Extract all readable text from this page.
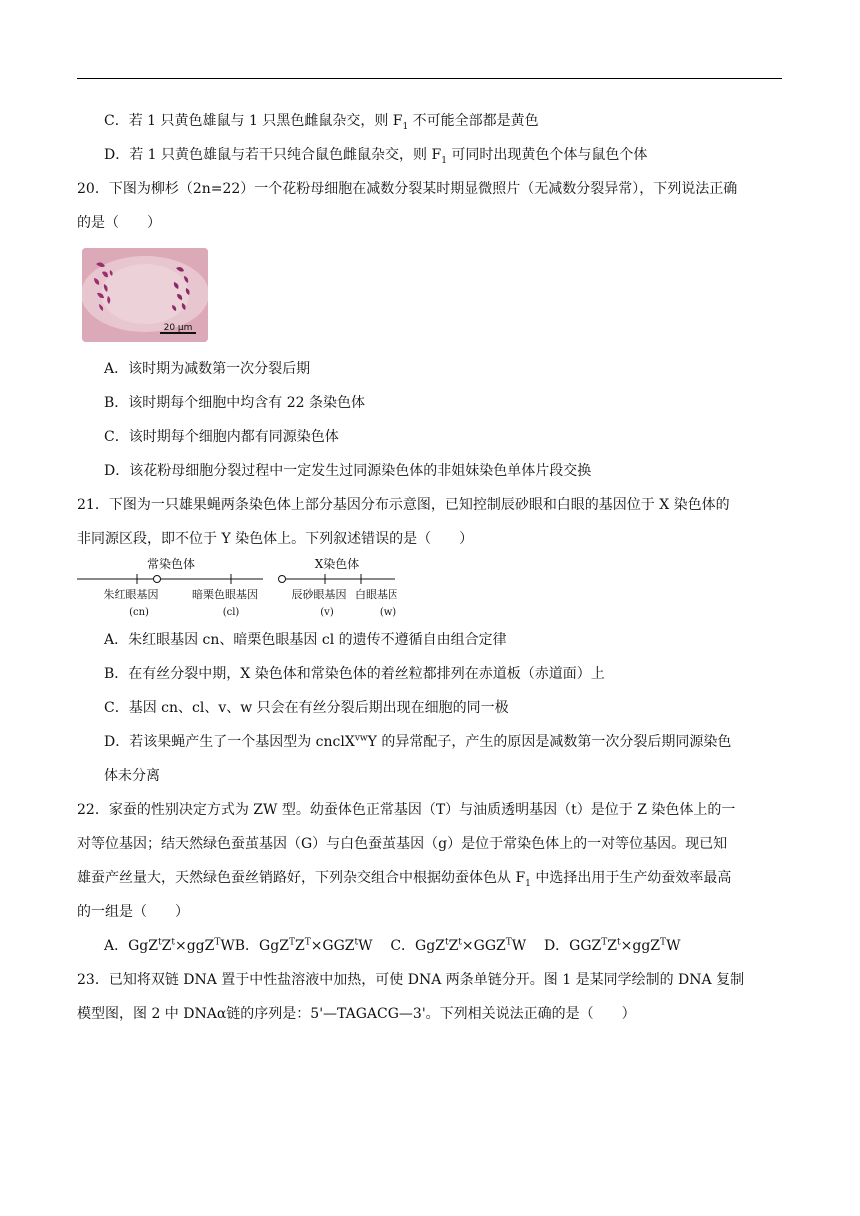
C．若 1 只黄色雄鼠与 1 只黑色雌鼠杂交，则 $F_1$ 不可能全部都是黄色
D．若 1 只黄色雄鼠与若干只纯合鼠色雌鼠杂交，则 $F_1$ 可同时出现黄色个体与鼠色个体
20．下图为柳杉（2n=22）一个花粉母细胞在减数分裂某时期显微照片（无减数分裂异常），下列说法正确
的是（　　）
20 μm
A．该时期为减数第一次分裂后期
B．该时期每个细胞中均含有 22 条染色体
C．该时期每个细胞内都有同源染色体
D．该花粉母细胞分裂过程中一定发生过同源染色体的非姐妹染色单体片段交换
21．下图为一只雄果蝇两条染色体上部分基因分布示意图，已知控制辰砂眼和白眼的基因位于 X 染色体的
非同源区段，即不位于 Y 染色体上。下列叙述错误的是（　　）
常染色体	X染色体
朱红眼基因	暗栗色眼基因	辰砂眼基因 白眼基因
(cn)	(cl)	(v)	(w)
A．朱红眼基因 cn、暗栗色眼基因 cl 的遗传不遵循自由组合定律
B．在有丝分裂中期，X 染色体和常染色体的着丝粒都排列在赤道板（赤道面）上
C．基因 cn、cl、v、w 只会在有丝分裂后期出现在细胞的同一极
D．若该果蝇产生了一个基因型为 cnclX$^{vw}$Y 的异常配子，产生的原因是减数第一次分裂后期同源染色
体未分离
22．家蚕的性别决定方式为 ZW 型。幼蚕体色正常基因（T）与油质透明基因（t）是位于 Z 染色体上的一
对等位基因；结天然绿色蚕茧基因（G）与白色蚕茧基因（g）是位于常染色体上的一对等位基因。现已知
雄蚕产丝量大，天然绿色蚕丝销路好，下列杂交组合中根据幼蚕体色从 $F_1$ 中选择出用于生产幼蚕效率最高
的一组是（　　）
A．$GgZ^tZ^t\times ggZ^TWB$．$GgZ^TZ^T\times GGZ^tW$    C．$GgZ^tZ^t\times GGZ^TW$    D．$GGZ^TZ^t\times ggZ^TW$
23．已知将双链 DNA 置于中性盐溶液中加热，可使 DNA 两条单链分开。图 1 是某同学绘制的 DNA 复制
模型图，图 2 中 DNAα链的序列是：5'—TAGACG—3'。下列相关说法正确的是（　　）
